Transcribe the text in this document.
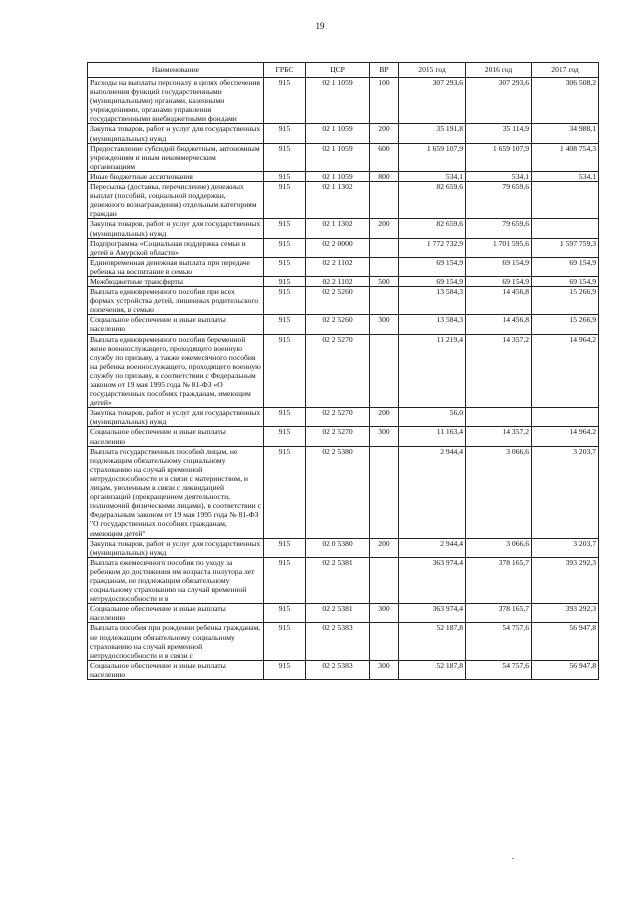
19
Наименование	ГРБС	ЦСР	ВР	2015 год	2016 год	2017 год
Расходы на выплаты персоналу в целях обеспечения выполнения функций государственными (муниципальными) органами, казенными учреждениями, органами управления государственными внебюджетными фондами	915	02 1 1059	100	307 293,6	307 293,6	306 508,2
Закупка товаров, работ и услуг для государственных (муниципальных) нужд	915	02 1 1059	200	35 191,8	35 114,9	34 988,1
Предоставление субсидий бюджетным, автономным учреждениям и иным некоммерческим организациям	915	02 1 1059	600	1 659 107,9	1 659 107,9	1 408 754,3
Иные бюджетные ассигнования	915	02 1 1059	800	534,1	534,1	534,1
Пересылка (доставка, перечисление) денежных выплат (пособий, социальной поддержки, денежного вознаграждения) отдельным категориям граждан	915	02 1 1302		82 659,6	79 659,6	
Закупка товаров, работ и услуг для государственных (муниципальных) нужд	915	02 1 1302	200	82 659,6	79 659,6	
Подпрограмма «Социальная поддержка семьи и детей в Амурской области»	915	02 2 0000		1 772 732,9	1 701 595,6	1 597 759,3
Единовременная денежная выплата при передаче ребенка на воспитание в семью	915	02 2 1102		69 154,9	69 154,9	69 154,9
Межбюджетные трансферты	915	02 2 1102	500	69 154,9	69 154,9	69 154,9
Выплата единовременного пособия при всех формах устройства детей, лишенных родительского попечения, в семью	915	02 2 5260		13 584,3	14 456,8	15 266,9
Социальное обеспечение и иные выплаты населению	915	02 2 5260	300	13 584,3	14 456,8	15 266,9
Выплата единовременного пособия беременной жене военнослужащего, проходящего военную службу по призыву, а также ежемесячного пособия на ребенка военнослужащего, проходящего военную службу по призыву, в соответствии с Федеральным законом от 19 мая 1995 года № 81-ФЗ «О государственных пособиях гражданам, имеющим детей»	915	02 2 5270		11 219,4	14 357,2	14 964,2
Закупка товаров, работ и услуг для государственных (муниципальных) нужд	915	02 2 5270	200	56,0		
Социальное обеспечение и иные выплаты населению	915	02 2 5270	300	11 163,4	14 357,2	14 964,2
Выплата государственных пособий лицам, не подлежащим обязательному социальному страхованию на случай временной нетрудоспособности и в связи с материнством, и лицам, уволенным в связи с ликвидацией организаций (прекращением деятельности, полномочий физическими лицами), в соответствии с Федеральным законом от 19 мая 1995 года № 81-ФЗ "О государственных пособиях гражданам, имеющим детей"	915	02 2 5380		2 944,4	3 066,6	3 203,7
Закупка товаров, работ и услуг для государственных (муниципальных) нужд	915	02 0 5380	200	2 944,4	3 066,6	3 203,7
Выплата ежемесячного пособия по уходу за ребенком до достижения им возраста полутора лет гражданам, не подлежащим обязательному социальному страхованию на случай временной нетрудоспособности и в	915	02 2 5381		363 974,4	378 165,7	393 292,3
Социальное обеспечение и иные выплаты населению	915	02 2 5381	300	363 974,4	378 165,7	393 292,3
Выплата пособия при рождении ребенка гражданам, не подлежащим обязательному социальному страхованию на случай временной нетрудоспособности и в связи с	915	02 2 5383		52 187,8	54 757,6	56 947,8
Социальное обеспечение и иные выплаты населению	915	02 2 5383	300	52 187,8	54 757,6	56 947,8
